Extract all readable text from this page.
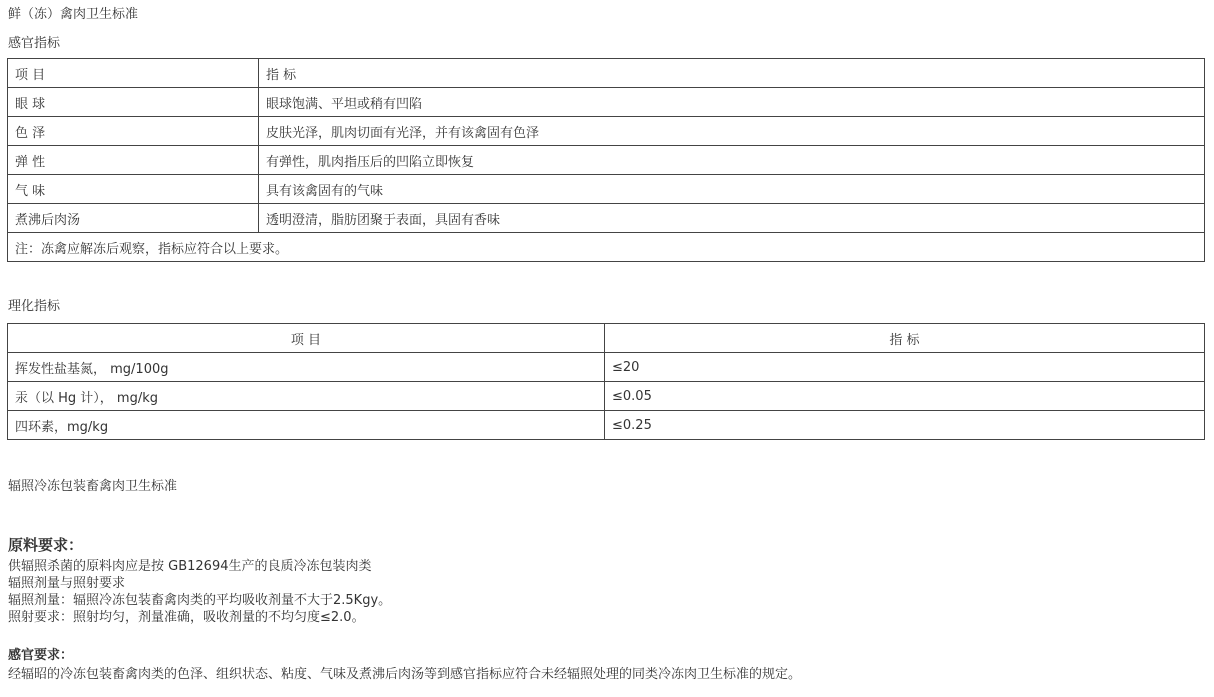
鲜（冻）禽肉卫生标准
感官指标
项 目	指 标
眼 球	眼球饱满、平坦或稍有凹陷
色 泽	皮肤光泽，肌肉切面有光泽，并有该禽固有色泽
弹 性	有弹性，肌肉指压后的凹陷立即恢复
气 味	具有该禽固有的气味
煮沸后肉汤	透明澄清，脂肪团聚于表面，具固有香味
注：冻禽应解冻后观察，指标应符合以上要求。	
理化指标
项 目	指 标
挥发性盐基氮， mg/100g	≤20
汞（以 Hg 计）， mg/kg	≤0.05
四环素，mg/kg	≤0.25
辐照冷冻包装畜禽肉卫生标准
原料要求：
供辐照杀菌的原料肉应是按 GB12694生产的良质冷冻包装肉类
辐照剂量与照射要求
辐照剂量：辐照冷冻包装畜禽肉类的平均吸收剂量不大于2.5Kgy。
照射要求：照射均匀，剂量准确，吸收剂量的不均匀度≤2.0。
感官要求：
经辐昭的冷冻包装畜禽肉类的色泽、组织状态、粘度、气味及煮沸后肉汤等到感官指标应符合未经辐照处理的同类冷冻肉卫生标准的规定。
